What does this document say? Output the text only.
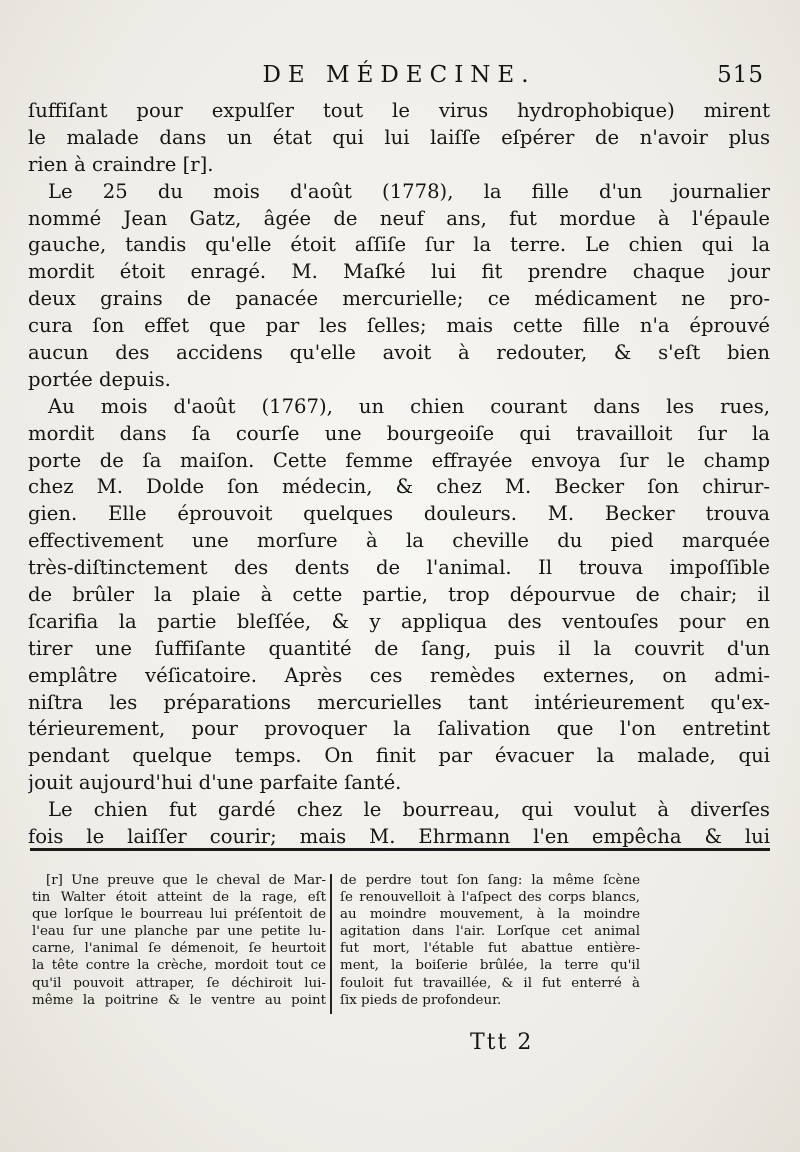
DE MÉDECINE.	515
ſuffiſant pour expulſer tout le virus hydrophobique) mirent
le malade dans un état qui lui laiſſe eſpérer de n'avoir plus
rien à craindre [r].
Le 25 du mois d'août (1778), la fille d'un journalier
nommé Jean Gatz, âgée de neuf ans, fut mordue à l'épaule
gauche, tandis qu'elle étoit aſſiſe ſur la terre. Le chien qui la
mordit étoit enragé. M. Maſké lui fit prendre chaque jour
deux grains de panacée mercurielle; ce médicament ne pro-
cura ſon effet que par les ſelles; mais cette fille n'a éprouvé
aucun des accidens qu'elle avoit à redouter, & s'eſt bien
portée depuis.
Au mois d'août (1767), un chien courant dans les rues,
mordit dans ſa courſe une bourgeoiſe qui travailloit ſur la
porte de ſa maiſon. Cette femme effrayée envoya ſur le champ
chez M. Dolde ſon médecin, & chez M. Becker ſon chirur-
gien. Elle éprouvoit quelques douleurs. M. Becker trouva
effectivement une morſure à la cheville du pied marquée
très-diſtinctement des dents de l'animal. Il trouva impoſſible
de brûler la plaie à cette partie, trop dépourvue de chair; il
ſcarifia la partie bleſſée, & y appliqua des ventouſes pour en
tirer une ſuffiſante quantité de ſang, puis il la couvrit d'un
emplâtre véſicatoire. Après ces remèdes externes, on admi-
niſtra les préparations mercurielles tant intérieurement qu'ex-
térieurement, pour provoquer la ſalivation que l'on entretint
pendant quelque temps. On finit par évacuer la malade, qui
jouit aujourd'hui d'une parfaite ſanté.
Le chien fut gardé chez le bourreau, qui voulut à diverſes
fois le laiſſer courir; mais M. Ehrmann l'en empêcha & lui
[r] Une preuve que le cheval de Mar-
tin Walter étoit atteint de la rage, eſt
que lorſque le bourreau lui préſentoit de
l'eau ſur une planche par une petite lu-
carne, l'animal ſe démenoit, ſe heurtoit
la tête contre la crèche, mordoit tout ce
qu'il pouvoit attraper, ſe déchiroit lui-
même la poitrine & le ventre au point
de perdre tout ſon ſang: la même ſcène
ſe renouvelloit à l'aſpect des corps blancs,
au moindre mouvement, à la moindre
agitation dans l'air. Lorſque cet animal
fut mort, l'étable fut abattue entière-
ment, la boiſerie brûlée, la terre qu'il
fouloit fut travaillée, & il fut enterré à
ſix pieds de profondeur.
Ttt 2
